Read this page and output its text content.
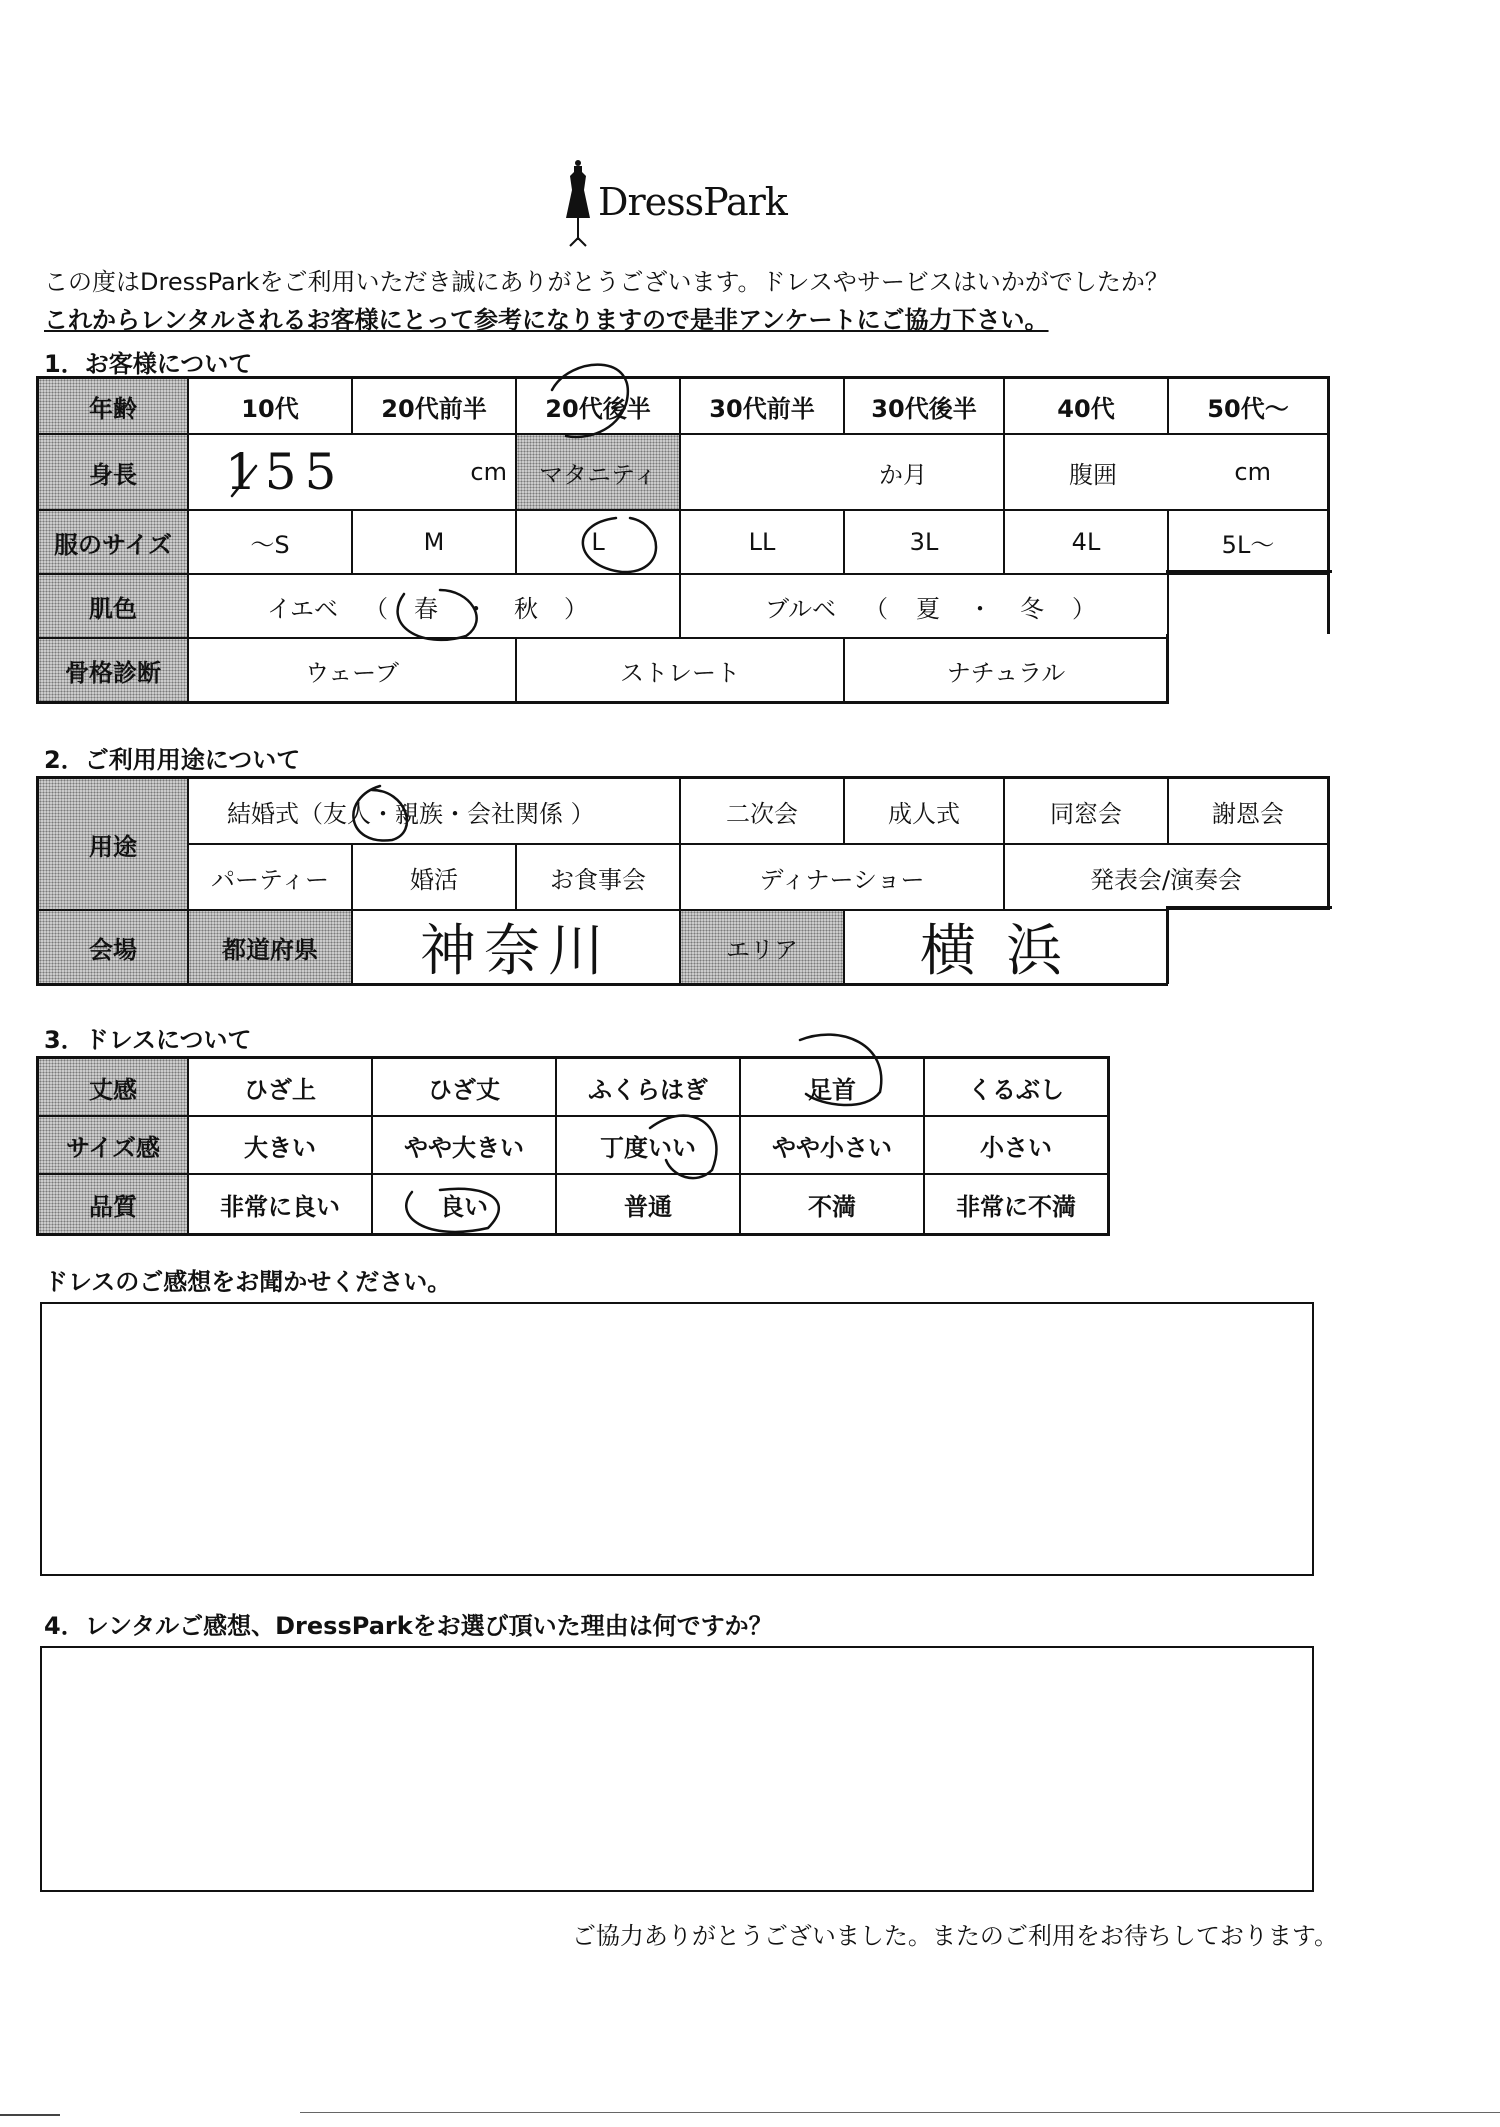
DressPark
この度はDressParkをご利用いただき誠にありがとうございます。ドレスやサービスはいかがでしたか？
これからレンタルされるお客様にとって参考になりますので是非アンケートにご協力下さい。
1．お客様について
年齢	10代	20代前半	20代後半	30代前半	30代後半	40代	50代〜
身長	155	cm	マタニティ	か月	腹囲	cm
服のサイズ	〜S	M	L	LL	3L	4L	5L〜
肌色	イエベ （ 春 ・ 秋 ）	ブルベ （ 夏 ・ 冬 ）
骨格診断	ウェーブ	ストレート	ナチュラル
2．ご利用用途について
用途
結婚式（ 友人 ・親族・会社関係 ）	二次会	成人式	同窓会	謝恩会
パーティー	婚活	お食事会	ディナーショー	発表会/演奏会
会場	都道府県	神奈川	エリア	横浜
3．ドレスについて
丈感	ひざ上	ひざ丈	ふくらはぎ	足首	くるぶし
サイズ感	大きい	やや大きい	丁度いい	やや小さい	小さい
品質	非常に良い	良い	普通	不満	非常に不満
ドレスのご感想をお聞かせください。
4．レンタルご感想、DressParkをお選び頂いた理由は何ですか？
ご協力ありがとうございました。またのご利用をお待ちしております。
